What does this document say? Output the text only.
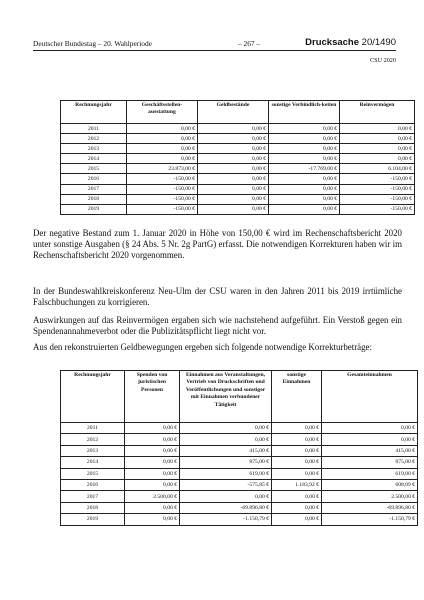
Deutscher Bundestag – 20. Wahlperiode	– 267 –	Drucksache 20/1490
CSU 2020
Rechnungsjahr	Geschäftsstellen-ausstattung	Geldbestände	sonstige Verbindlich-keiten	Reinvermögen
2011	0,00 €	0,00 €	0,00 €	0,00 €
2012	0,00 €	0,00 €	0,00 €	0,00 €
2013	0,00 €	0,00 €	0,00 €	0,00 €
2014	0,00 €	0,00 €	0,00 €	0,00 €
2015	23.873,00 €	0,00 €	-17.769,00 €	6.104,00 €
2016	-150,00 €	0,00 €	0,00 €	-150,00 €
2017	-150,00 €	0,00 €	0,00 €	-150,00 €
2018	-150,00 €	0,00 €	0,00 €	-150,00 €
2019	-150,00 €	0,00 €	0,00 €	-150,00 €

Der negative Bestand zum 1. Januar 2020 in Höhe von 150,00 € wird im Rechenschaftsbericht 2020 unter sonstige Ausgaben (§ 24 Abs. 5 Nr. 2g PartG) erfasst. Die notwendigen Korrekturen haben wir im Rechenschaftsbericht 2020 vorgenommen.

In der Bundeswahlkreiskonferenz Neu-Ulm der CSU waren in den Jahren 2011 bis 2019 irrtümliche Falschbuchungen zu korrigieren.

Auswirkungen auf das Reinvermögen ergaben sich wie nachstehend aufgeführt. Ein Verstoß gegen ein Spendenannahmeverbot oder die Publizitätspflicht liegt nicht vor.

Aus den rekonstruierten Geldbewegungen ergeben sich folgende notwendige Korrekturbeträge:

Rechnungsjahr	Spenden von juristischen Personen	Einnahmen aus Veranstaltungen, Vertrieb von Druckschriften und Veröffentlichungen und sonstiger mit Einnahmen verbundener Tätigkeit	sonstige Einnahmen	Gesamteinnahmen
2011	0,00 €	0,00 €	0,00 €	0,00 €
2012	0,00 €	0,00 €	0,00 €	0,00 €
2013	0,00 €	415,00 €	0,00 €	415,00 €
2014	0,00 €	875,00 €	0,00 €	875,00 €
2015	0,00 €	619,00 €	0,00 €	619,00 €
2016	0,00 €	-575,85 €	1.183,92 €	608,09 €
2017	2.500,00 €	0,00 €	0,00 €	2.500,00 €
2018	0,00 €	-69.896,80 €	0,00 €	-69.896,80 €
2019	0,00 €	-1.150,79 €	0,00 €	-1.150,79 €
